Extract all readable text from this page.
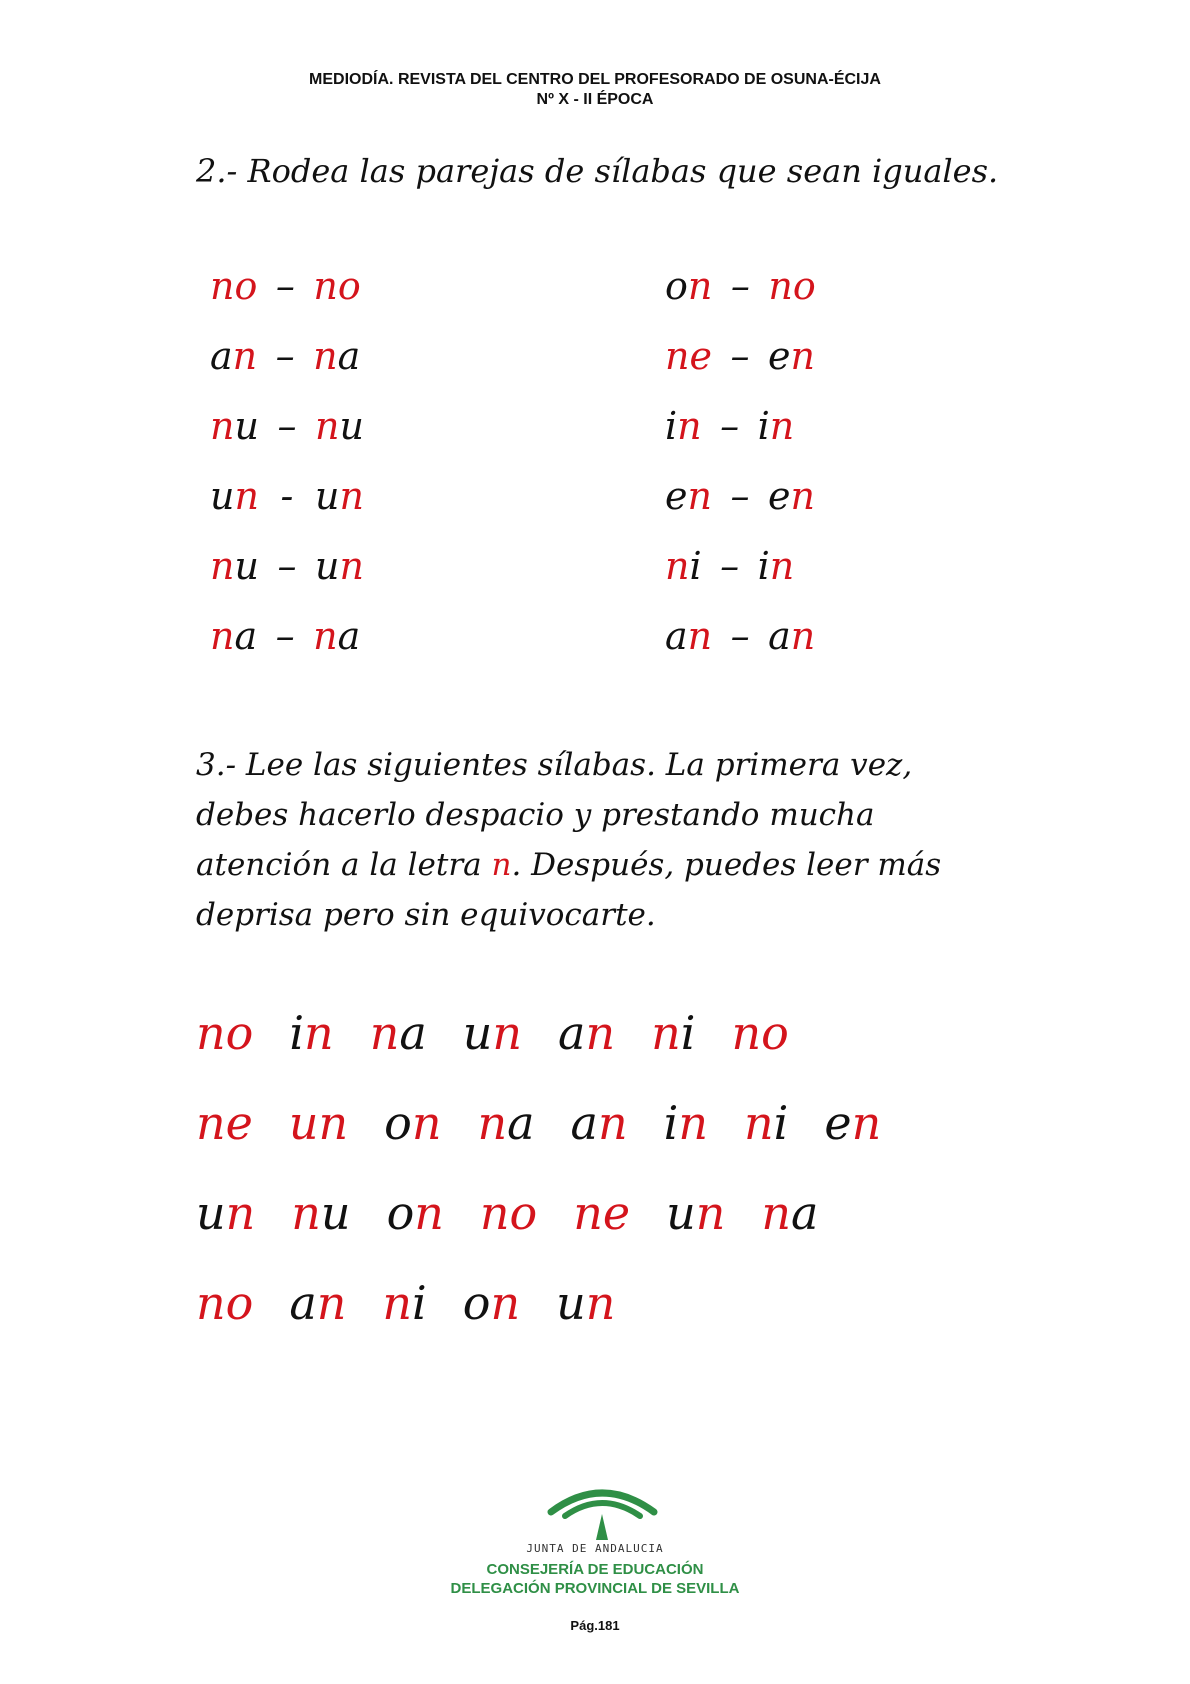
MEDIODÍA. REVISTA DEL CENTRO DEL PROFESORADO DE OSUNA-ÉCIJA
Nº X - II ÉPOCA
2.- Rodea las parejas de sílabas que sean iguales.
no – no
an – na
nu – nu
un - un
nu – un
na – na
on – no
ne – en
in – in
en – en
ni – in
an – an
3.- Lee las siguientes sílabas. La primera vez, debes hacerlo despacio y prestando mucha atención a la letra n. Después, puedes leer más deprisa pero sin equivocarte.
no in na un an ni no
ne un on na an in ni en
un nu on no ne un na
no an ni on un
JUNTA DE ANDALUCIA
CONSEJERÍA DE EDUCACIÓN
DELEGACIÓN PROVINCIAL DE SEVILLA
Pág.181
